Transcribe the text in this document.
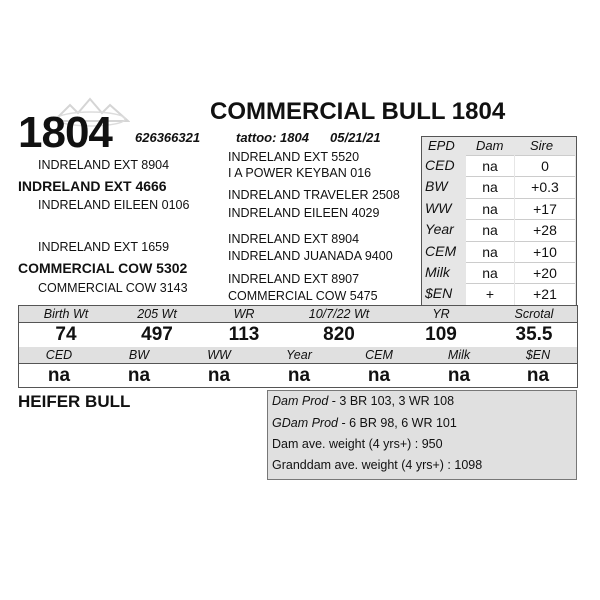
1804	COMMERCIAL BULL 1804
626366321	tattoo: 1804 05/21/21
INDRELAND EXT 5520
INDRELAND EXT 8904
I A POWER KEYBAN 016
INDRELAND EXT 4666
INDRELAND TRAVELER 2508
INDRELAND EILEEN 0106
INDRELAND EILEEN 4029
INDRELAND EXT 8904
INDRELAND EXT 1659
INDRELAND JUANADA 9400
COMMERCIAL COW 5302
INDRELAND EXT 8907
COMMERCIAL COW 3143
COMMERCIAL COW 5475
EPD Dam Sire
CED	na	0
BW	na	+0.3
WW	na	+17
Year	na	+28
CEM	na	+10
Milk	na	+20
$EN	+	+21
Birth Wt	205 Wt	WR	10/7/22 Wt	YR	Scrotal
74	497	113	820	109	35.5
CED	BW	WW	Year	CEM	Milk	$EN
na	na	na	na	na	na	na
HEIFER BULL	Dam Prod - 3 BR 103, 3 WR 108
GDam Prod - 6 BR 98, 6 WR 101
Dam ave. weight (4 yrs+) : 950
Granddam ave. weight (4 yrs+) : 1098
